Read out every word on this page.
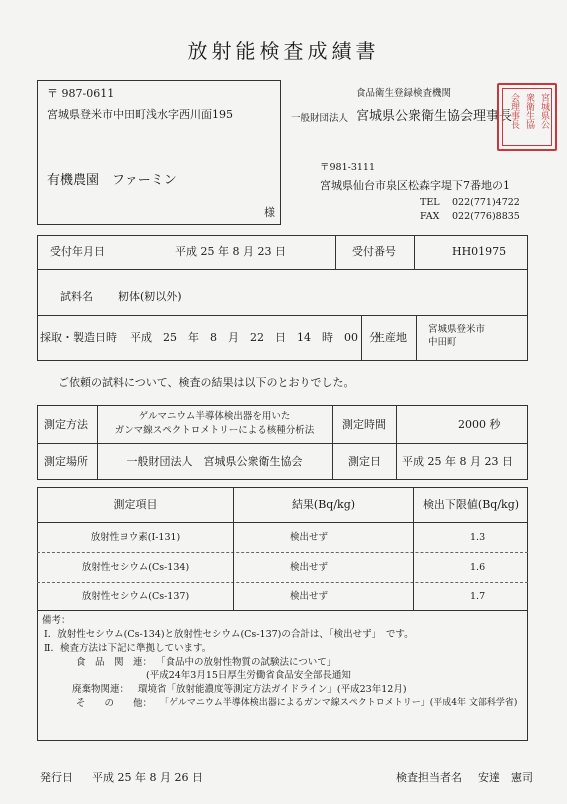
放射能検査成績書
〒 987-0611
宮城県登米市中田町浅水字西川面195
有機農園　ファーミン
様
食品衛生登録検査機関
一般財団法人 宮城県公衆衛生協会理事長
〒981-3111
宮城県仙台市泉区松森字堤下7番地の1
TEL 022(771)4722
FAX 022(776)8835
宮城県公
衆衛生協
会理事長
受付年月日	平成 25 年 8 月 23 日	受付番号	HH01975
試料名 籾体(籾以外)
採取・製造日時 平成　25　年　8　月　22　日　14　時　00　分
生産地
宮城県登米市
中田町
ご依頼の試料について、検査の結果は以下のとおりでした。
測定方法
ゲルマニウム半導体検出器を用いた
ガンマ線スペクトロメトリーによる核種分析法	測定時間	2000 秒
測定場所	一般財団法人　宮城県公衆衛生協会	測定日 平成 25 年 8 月 23 日
測定項目	結果(Bq/kg)	検出下限値(Bq/kg)
放射性ヨウ素(I-131)	検出せず	1.3
放射性セシウム(Cs-134)	検出せず	1.6
放射性セシウム(Cs-137)	検出せず	1.7
備考：
Ⅰ．放射性セシウム(Cs-134)と放射性セシウム(Cs-137)の合計は、「検出せず」　です。
Ⅱ．検査方法は下記に準拠しています。
食　品　関　連： 「食品中の放射性物質の試験法について」
(平成24年3月15日厚生労働省食品安全部長通知
廃棄物関連： 環境省「放射能濃度等測定方法ガイドライン」(平成23年12月)
そ　　の　　他： 「ゲルマニウム半導体検出器によるガンマ線スペクトロメトリー」(平成4年 文部科学省)
発行日 平成 25 年 8 月 26 日	検査担当者名 安達　憲司
